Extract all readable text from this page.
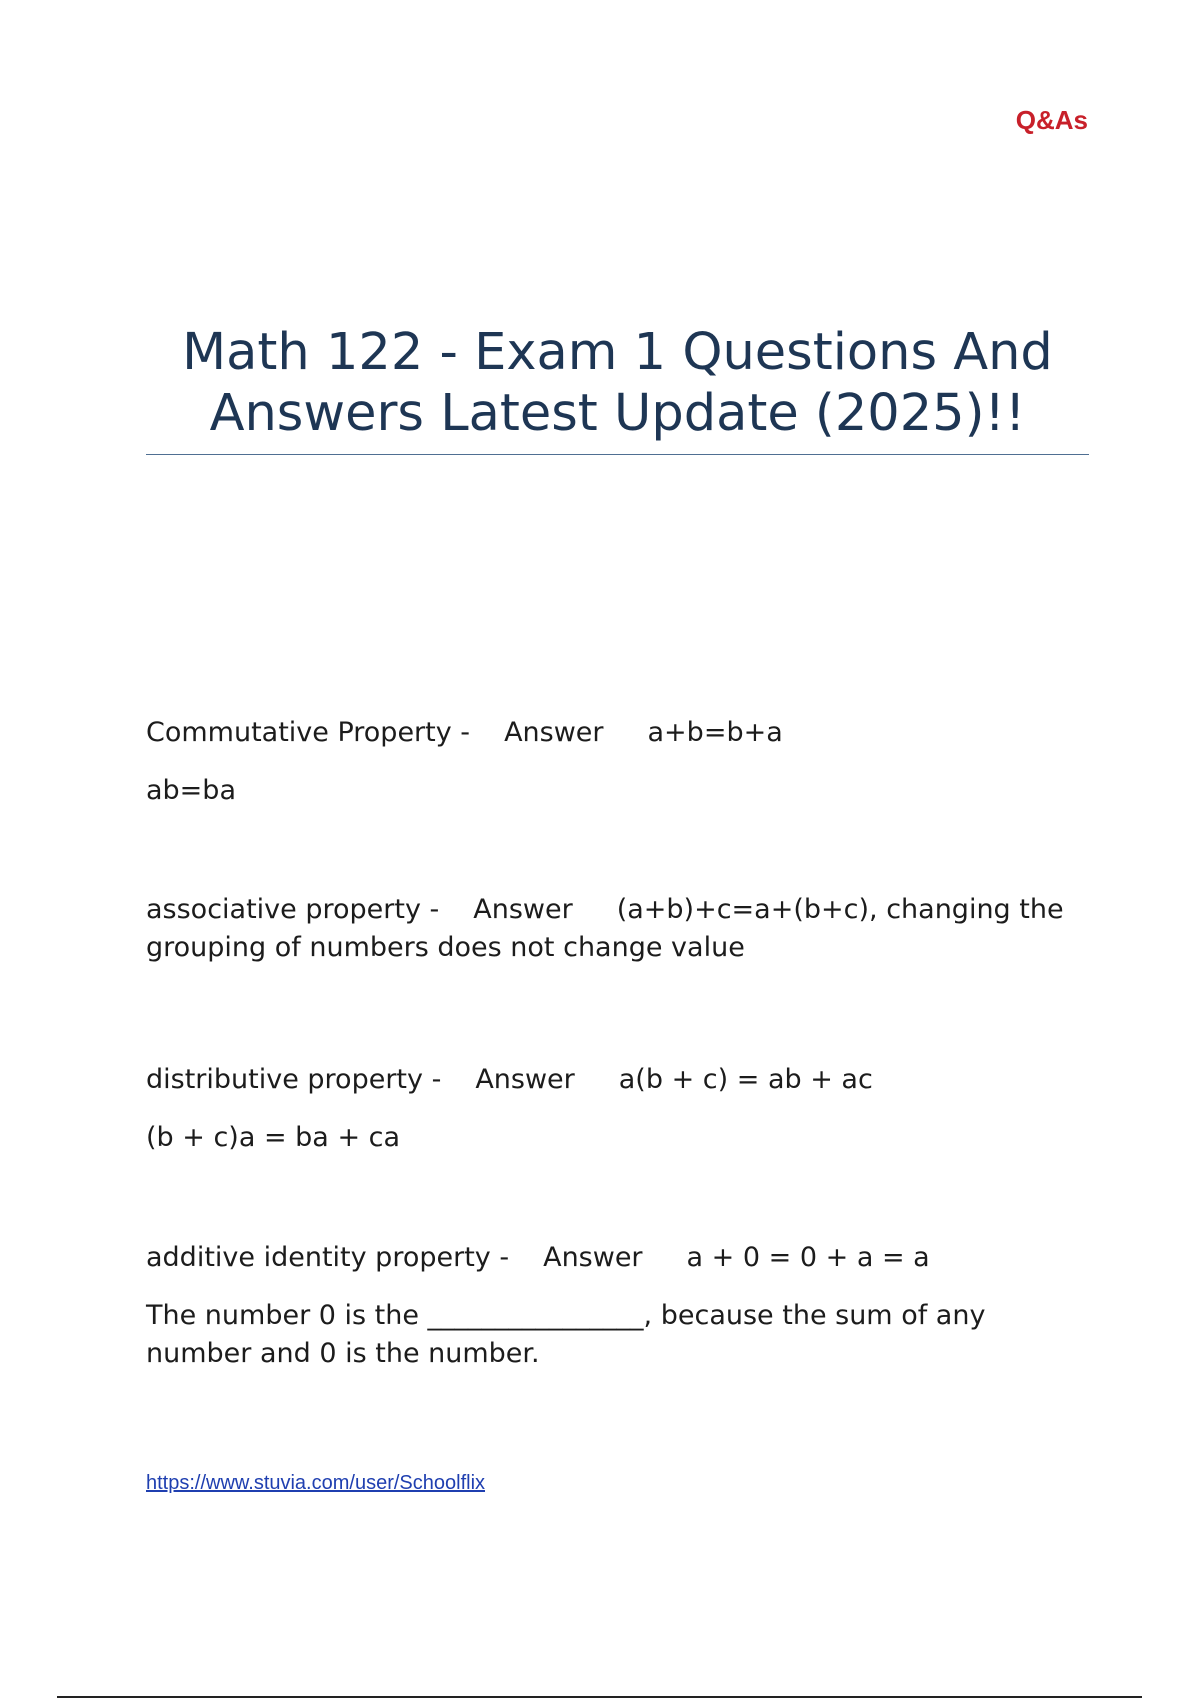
Q&As
Math 122 - Exam 1 Questions And Answers Latest Update (2025)!!

Commutative Property - Answer a+b=b+a

ab=ba

associative property - Answer (a+b)+c=a+(b+c), changing the grouping of numbers does not change value

distributive property - Answer a(b + c) = ab + ac

(b + c)a = ba + ca

additive identity property - Answer a + 0 = 0 + a = a

The number 0 is the ________________, because the sum of any number and 0 is the number.

https://www.stuvia.com/user/Schoolflix
